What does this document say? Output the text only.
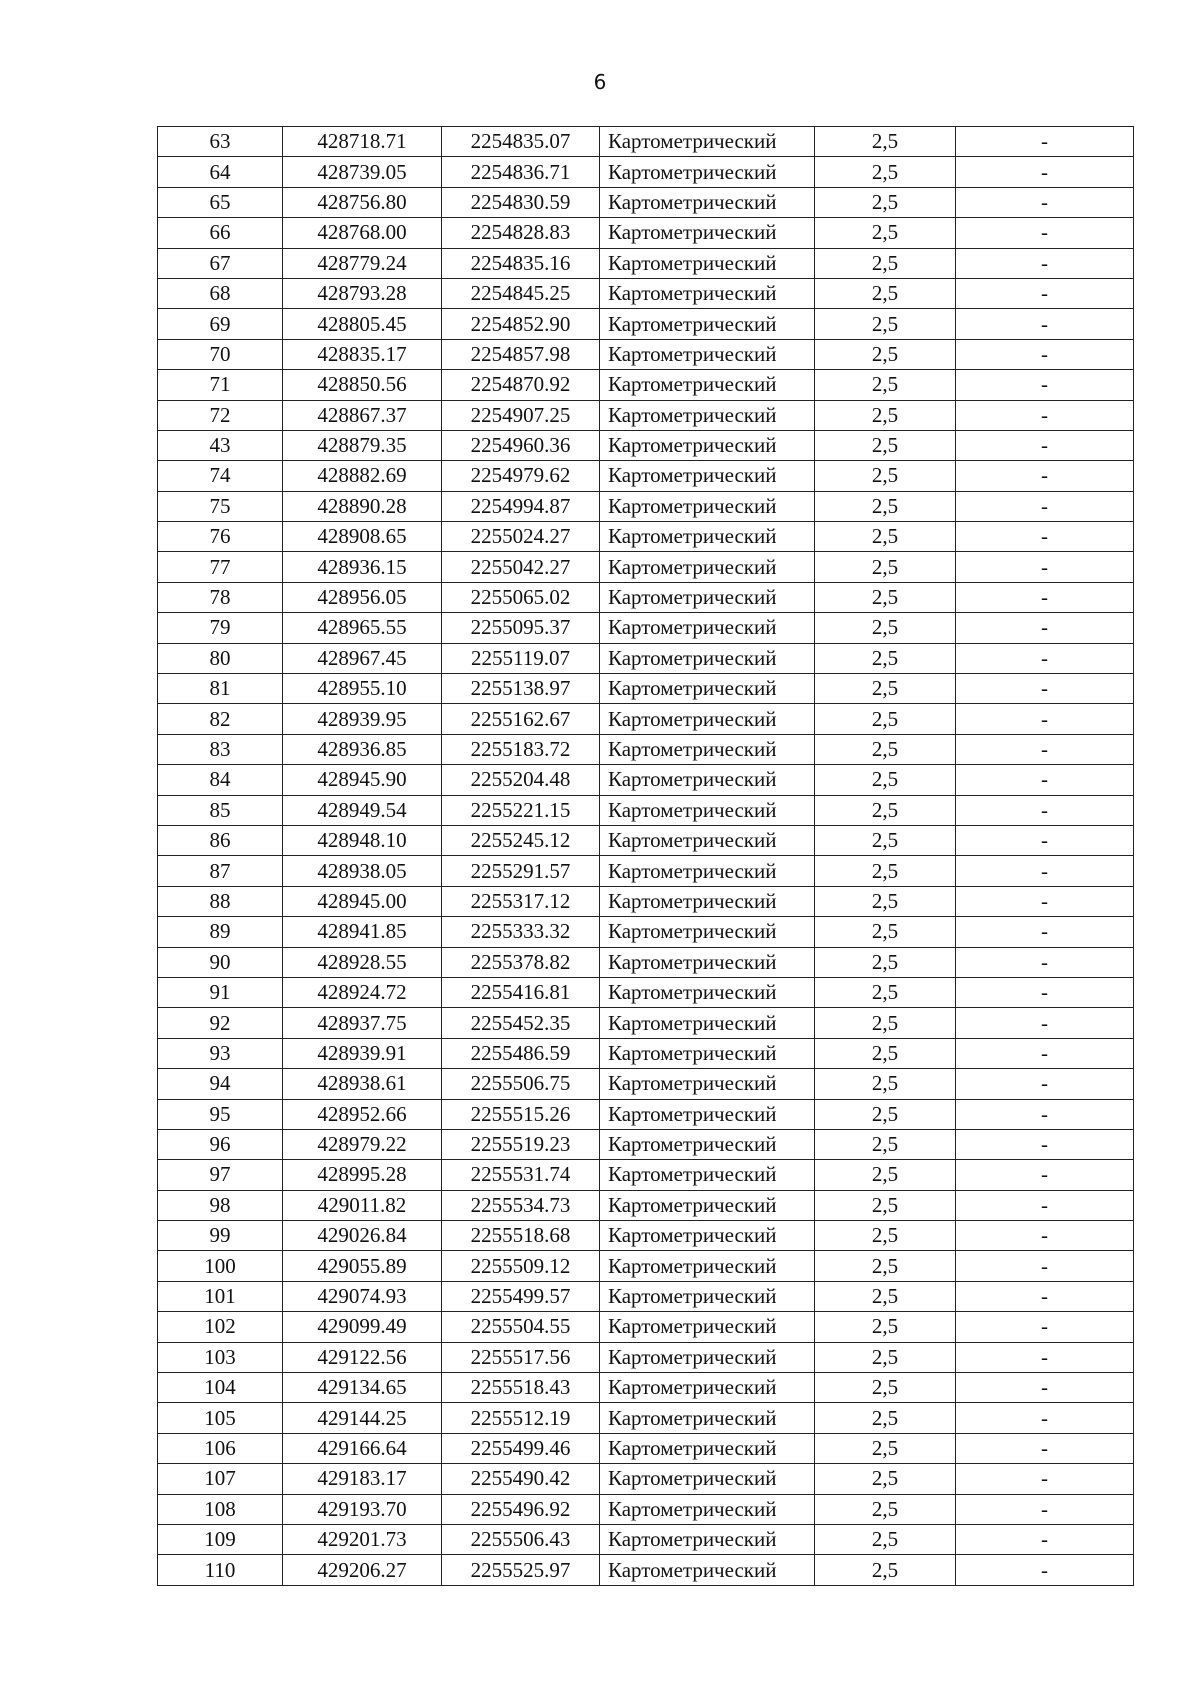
6
63	428718.71	2254835.07	Картометрический	2,5	-
64	428739.05	2254836.71	Картометрический	2,5	-
65	428756.80	2254830.59	Картометрический	2,5	-
66	428768.00	2254828.83	Картометрический	2,5	-
67	428779.24	2254835.16	Картометрический	2,5	-
68	428793.28	2254845.25	Картометрический	2,5	-
69	428805.45	2254852.90	Картометрический	2,5	-
70	428835.17	2254857.98	Картометрический	2,5	-
71	428850.56	2254870.92	Картометрический	2,5	-
72	428867.37	2254907.25	Картометрический	2,5	-
43	428879.35	2254960.36	Картометрический	2,5	-
74	428882.69	2254979.62	Картометрический	2,5	-
75	428890.28	2254994.87	Картометрический	2,5	-
76	428908.65	2255024.27	Картометрический	2,5	-
77	428936.15	2255042.27	Картометрический	2,5	-
78	428956.05	2255065.02	Картометрический	2,5	-
79	428965.55	2255095.37	Картометрический	2,5	-
80	428967.45	2255119.07	Картометрический	2,5	-
81	428955.10	2255138.97	Картометрический	2,5	-
82	428939.95	2255162.67	Картометрический	2,5	-
83	428936.85	2255183.72	Картометрический	2,5	-
84	428945.90	2255204.48	Картометрический	2,5	-
85	428949.54	2255221.15	Картометрический	2,5	-
86	428948.10	2255245.12	Картометрический	2,5	-
87	428938.05	2255291.57	Картометрический	2,5	-
88	428945.00	2255317.12	Картометрический	2,5	-
89	428941.85	2255333.32	Картометрический	2,5	-
90	428928.55	2255378.82	Картометрический	2,5	-
91	428924.72	2255416.81	Картометрический	2,5	-
92	428937.75	2255452.35	Картометрический	2,5	-
93	428939.91	2255486.59	Картометрический	2,5	-
94	428938.61	2255506.75	Картометрический	2,5	-
95	428952.66	2255515.26	Картометрический	2,5	-
96	428979.22	2255519.23	Картометрический	2,5	-
97	428995.28	2255531.74	Картометрический	2,5	-
98	429011.82	2255534.73	Картометрический	2,5	-
99	429026.84	2255518.68	Картометрический	2,5	-
100	429055.89	2255509.12	Картометрический	2,5	-
101	429074.93	2255499.57	Картометрический	2,5	-
102	429099.49	2255504.55	Картометрический	2,5	-
103	429122.56	2255517.56	Картометрический	2,5	-
104	429134.65	2255518.43	Картометрический	2,5	-
105	429144.25	2255512.19	Картометрический	2,5	-
106	429166.64	2255499.46	Картометрический	2,5	-
107	429183.17	2255490.42	Картометрический	2,5	-
108	429193.70	2255496.92	Картометрический	2,5	-
109	429201.73	2255506.43	Картометрический	2,5	-
110	429206.27	2255525.97	Картометрический	2,5	-
